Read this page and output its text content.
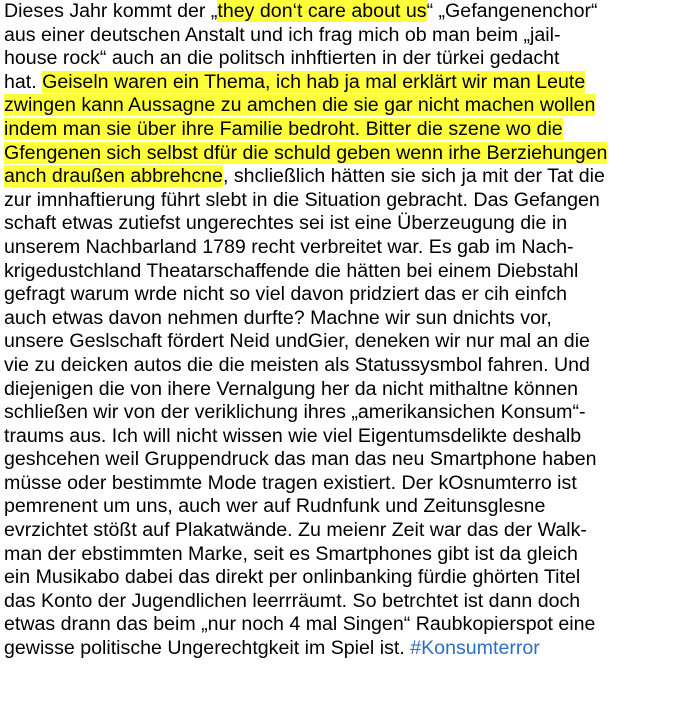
Dieses Jahr kommt der „they don‘t care about us“ „Gefangenenchor“
aus einer deutschen Anstalt und ich frag mich ob man beim „jail-
house rock“ auch an die politsch inhftierten in der türkei gedacht
hat. Geiseln waren ein Thema, ich hab ja mal erklärt wir man Leute
zwingen kann Aussagne zu amchen die sie gar nicht machen wollen
indem man sie über ihre Familie bedroht. Bitter die szene wo die
Gfengenen sich selbst dfür die schuld geben wenn irhe Berziehungen
anch draußen abbrehcne, shcließlich hätten sie sich ja mit der Tat die
zur imnhaftierung führt slebt in die Situation gebracht. Das Gefangen
schaft etwas zutiefst ungerechtes sei ist eine Überzeugung die in
unserem Nachbarland 1789 recht verbreitet war. Es gab im Nach-
krigedustchland Theatarschaffende die hätten bei einem Diebstahl
gefragt warum wrde nicht so viel davon pridziert das er cih einfch
auch etwas davon nehmen durfte? Machne wir sun dnichts vor,
unsere Geslschaft fördert Neid undGier, deneken wir nur mal an die
vie zu deicken autos die die meisten als Statussysmbol fahren. Und
diejenigen die von ihere Vernalgung her da nicht mithaltne können
schließen wir von der veriklichung ihres „amerikansichen Konsum“-
traums aus. Ich will nicht wissen wie viel Eigentumsdelikte deshalb
geshcehen weil Gruppendruck das man das neu Smartphone haben
müsse oder bestimmte Mode tragen existiert. Der kOsnumterro ist
pemrenent um uns, auch wer auf Rudnfunk und Zeitunsglesne
evrzichtet stößt auf Plakatwände. Zu meienr Zeit war das der Walk-
man der ebstimmten Marke, seit es Smartphones gibt ist da gleich
ein Musikabo dabei das direkt per onlinbanking fürdie ghörten Titel
das Konto der Jugendlichen leerrräumt. So betrchtet ist dann doch
etwas drann das beim „nur noch 4 mal Singen“ Raubkopierspot eine
gewisse politische Ungerechtgkeit im Spiel ist. #Konsumterror
